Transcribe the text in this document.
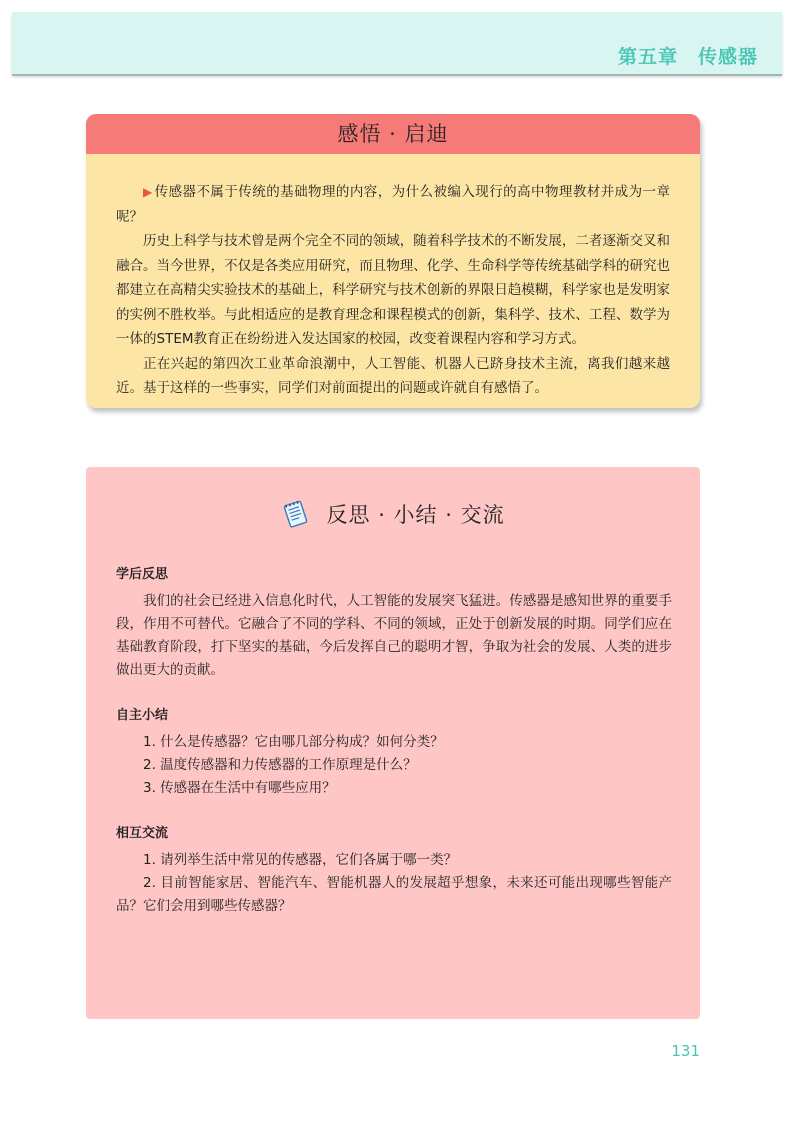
第五章　传感器
感悟 · 启迪

▶ 传感器不属于传统的基础物理的内容，为什么被编入现行的高中物理教材并成为一章呢？

历史上科学与技术曾是两个完全不同的领域，随着科学技术的不断发展，二者逐渐交叉和融合。当今世界，不仅是各类应用研究，而且物理、化学、生命科学等传统基础学科的研究也都建立在高精尖实验技术的基础上，科学研究与技术创新的界限日趋模糊，科学家也是发明家的实例不胜枚举。与此相适应的是教育理念和课程模式的创新，集科学、技术、工程、数学为一体的STEM教育正在纷纷进入发达国家的校园，改变着课程内容和学习方式。

正在兴起的第四次工业革命浪潮中，人工智能、机器人已跻身技术主流，离我们越来越近。基于这样的一些事实，同学们对前面提出的问题或许就自有感悟了。

反思 · 小结 · 交流
学后反思

我们的社会已经进入信息化时代，人工智能的发展突飞猛进。传感器是感知世界的重要手段，作用不可替代。它融合了不同的学科、不同的领域，正处于创新发展的时期。同学们应在基础教育阶段，打下坚实的基础，今后发挥自己的聪明才智，争取为社会的发展、人类的进步做出更大的贡献。

自主小结

1. 什么是传感器？它由哪几部分构成？如何分类？

2. 温度传感器和力传感器的工作原理是什么？

3. 传感器在生活中有哪些应用？

相互交流

1. 请列举生活中常见的传感器，它们各属于哪一类？

2. 目前智能家居、智能汽车、智能机器人的发展超乎想象，未来还可能出现哪些智能产品？它们会用到哪些传感器？

131
